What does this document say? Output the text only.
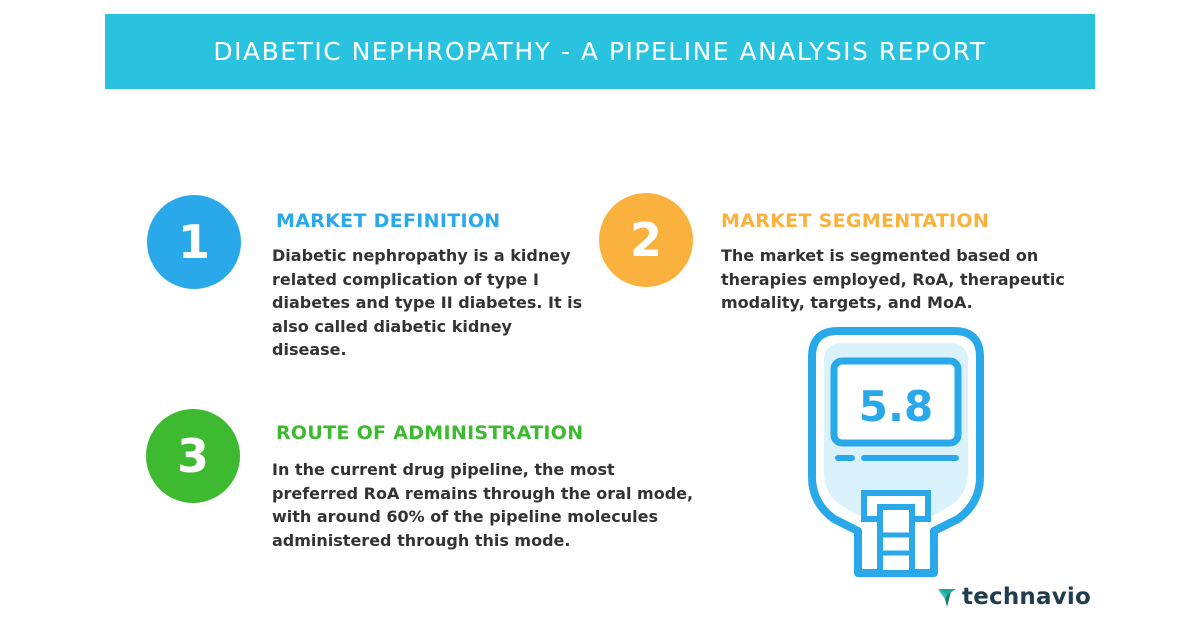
DIABETIC NEPHROPATHY - A PIPELINE ANALYSIS REPORT
1	MARKET DEFINITION
Diabetic nephropathy is a kidney
related complication of type I
diabetes and type II diabetes. It is
also called diabetic kidney
disease.
2	MARKET SEGMENTATION
The market is segmented based on
therapies employed, RoA, therapeutic
modality, targets, and MoA.
3	ROUTE OF ADMINISTRATION
In the current drug pipeline, the most
preferred RoA remains through the oral mode,
with around 60% of the pipeline molecules
administered through this mode.
5.8
technavio
